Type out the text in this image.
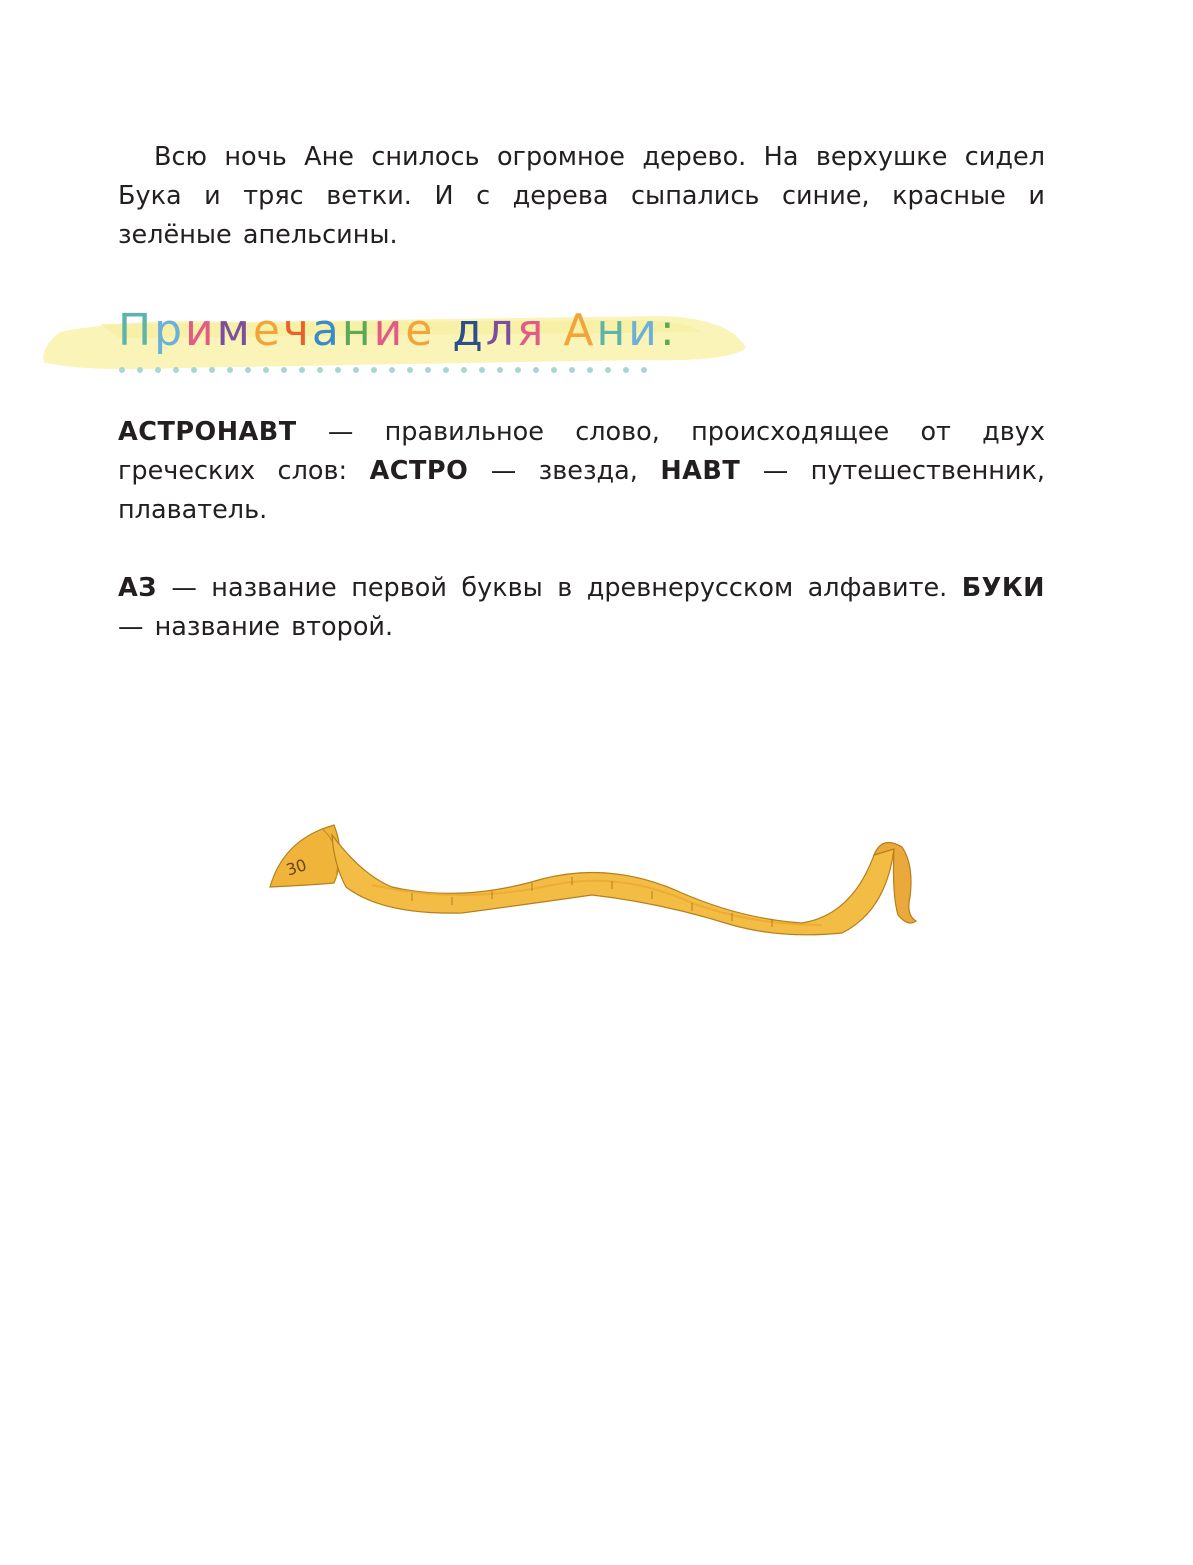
Всю ночь Ане снилось огромное дерево. На верхушке сидел Бука и тряс ветки. И с дерева сыпались синие, красные и зелёные апельсины.

Примечание для Ани:

АСТРОНАВТ — правильное слово, происходящее от двух греческих слов: АСТРО — звезда, НАВТ — путешественник, плаватель.

АЗ — название первой буквы в древнерусском алфавите. БУКИ — название второй.

30
